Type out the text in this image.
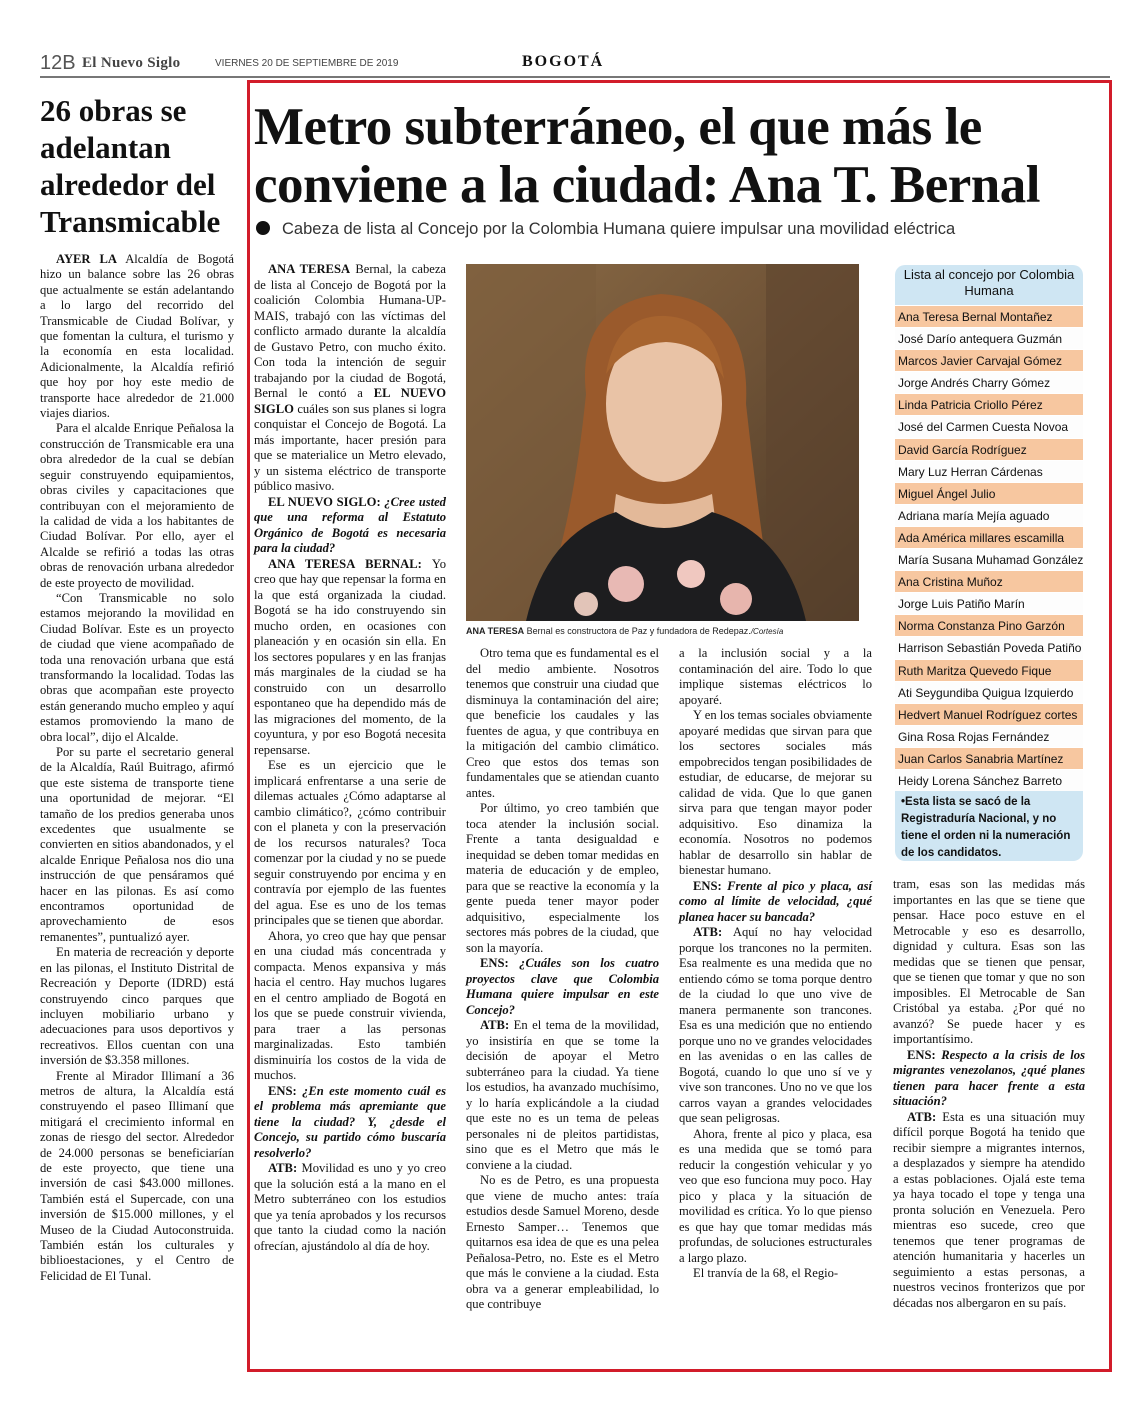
12B El Nuevo Siglo	VIERNES 20 DE SEPTIEMBRE DE 2019	BOGOTÁ
26 obras se adelantan alrededor del Transmicable

AYER LA Alcaldía de Bogotá hizo un balance sobre las 26 obras que actualmente se están adelantando a lo largo del recorrido del Transmicable de Ciudad Bolívar, y que fomentan la cultura, el turismo y la economía en esta localidad. Adicionalmente, la Alcaldía refirió que hoy por hoy este medio de transporte hace alrededor de 21.000 viajes diarios.

Para el alcalde Enrique Peñalosa la construcción de Transmicable era una obra alrededor de la cual se debían seguir construyendo equipamientos, obras civiles y capacitaciones que contribuyan con el mejoramiento de la calidad de vida a los habitantes de Ciudad Bolívar. Por ello, ayer el Alcalde se refirió a todas las otras obras de renovación urbana alrededor de este proyecto de movilidad.

“Con Transmicable no solo estamos mejorando la movilidad en Ciudad Bolívar. Este es un proyecto de ciudad que viene acompañado de toda una renovación urbana que está transformando la localidad. Todas las obras que acompañan este proyecto están generando mucho empleo y aquí estamos promoviendo la mano de obra local”, dijo el Alcalde.

Por su parte el secretario general de la Alcaldía, Raúl Buitrago, afirmó que este sistema de transporte tiene una oportunidad de mejorar. “El tamaño de los predios generaba unos excedentes que usualmente se convierten en sitios abandonados, y el alcalde Enrique Peñalosa nos dio una instrucción de que pensáramos qué hacer en las pilonas. Es así como encontramos oportunidad de aprovechamiento de esos remanentes”, puntualizó ayer.

En materia de recreación y deporte en las pilonas, el Instituto Distrital de Recreación y Deporte (IDRD) está construyendo cinco parques que incluyen mobiliario urbano y adecuaciones para usos deportivos y recreativos. Ellos cuentan con una inversión de $3.358 millones.

Frente al Mirador Illimaní a 36 metros de altura, la Alcaldía está construyendo el paseo Illimaní que mitigará el crecimiento informal en zonas de riesgo del sector. Alrededor de 24.000 personas se beneficiarían de este proyecto, que tiene una inversión de casi $43.000 millones. También está el Supercade, con una inversión de $15.000 millones, y el Museo de la Ciudad Autoconstruida. También están los culturales y biblioestaciones, y el Centro de Felicidad de El Tunal.

Metro subterráneo, el que más le conviene a la ciudad: Ana T. Bernal
Cabeza de lista al Concejo por la Colombia Humana quiere impulsar una movilidad eléctrica

ANA TERESA Bernal, la cabeza de lista al Concejo de Bogotá por la coalición Colombia Humana-UP-MAIS, trabajó con las víctimas del conflicto armado durante la alcaldía de Gustavo Petro, con mucho éxito. Con toda la intención de seguir trabajando por la ciudad de Bogotá, Bernal le contó a EL NUEVO SIGLO cuáles son sus planes si logra conquistar el Concejo de Bogotá. La más importante, hacer presión para que se materialice un Metro elevado, y un sistema eléctrico de transporte público masivo.

EL NUEVO SIGLO: ¿Cree usted que una reforma al Estatuto Orgánico de Bogotá es necesaria para la ciudad?

ANA TERESA BERNAL: Yo creo que hay que repensar la forma en la que está organizada la ciudad. Bogotá se ha ido construyendo sin mucho orden, en ocasiones con planeación y en ocasión sin ella. En los sectores populares y en las franjas más marginales de la ciudad se ha construido con un desarrollo espontaneo que ha dependido más de las migraciones del momento, de la coyuntura, y por eso Bogotá necesita repensarse.

Ese es un ejercicio que le implicará enfrentarse a una serie de dilemas actuales ¿Cómo adaptarse al cambio climático?, ¿cómo contribuir con el planeta y con la preservación de los recursos naturales? Toca comenzar por la ciudad y no se puede seguir construyendo por encima y en contravía por ejemplo de las fuentes del agua. Ese es uno de los temas principales que se tienen que abordar.

Ahora, yo creo que hay que pensar en una ciudad más concentrada y compacta. Menos expansiva y más hacia el centro. Hay muchos lugares en el centro ampliado de Bogotá en los que se puede construir vivienda, para traer a las personas marginalizadas. Esto también disminuiría los costos de la vida de muchos.

ENS: ¿En este momento cuál es el problema más apremiante que tiene la ciudad? Y, ¿desde el Concejo, su partido cómo buscaría resolverlo?

ATB: Movilidad es uno y yo creo que la solución está a la mano en el Metro subterráneo con los estudios que ya tenía aprobados y los recursos que tanto la ciudad como la nación ofrecían, ajustándolo al día de hoy.

ANA TERESA Bernal es constructora de Paz y fundadora de Redepaz./Cortesía

Otro tema que es fundamental es el del medio ambiente. Nosotros tenemos que construir una ciudad que disminuya la contaminación del aire; que beneficie los caudales y las fuentes de agua, y que contribuya en la mitigación del cambio climático. Creo que estos dos temas son fundamentales que se atiendan cuanto antes.

Por último, yo creo también que toca atender la inclusión social. Frente a tanta desigualdad e inequidad se deben tomar medidas en materia de educación y de empleo, para que se reactive la economía y la gente pueda tener mayor poder adquisitivo, especialmente los sectores más pobres de la ciudad, que son la mayoría.

ENS: ¿Cuáles son los cuatro proyectos clave que Colombia Humana quiere impulsar en este Concejo?

ATB: En el tema de la movilidad, yo insistiría en que se tome la decisión de apoyar el Metro subterráneo para la ciudad. Ya tiene los estudios, ha avanzado muchísimo, y lo haría explicándole a la ciudad que este no es un tema de peleas personales ni de pleitos partidistas, sino que es el Metro que más le conviene a la ciudad.

No es de Petro, es una propuesta que viene de mucho antes: traía estudios desde Samuel Moreno, desde Ernesto Samper… Tenemos que quitarnos esa idea de que es una pelea Peñalosa-Petro, no. Este es el Metro que más le conviene a la ciudad. Esta obra va a generar empleabilidad, lo que contribuye

a la inclusión social y a la contaminación del aire. Todo lo que implique sistemas eléctricos lo apoyaré.

Y en los temas sociales obviamente apoyaré medidas que sirvan para que los sectores sociales más empobrecidos tengan posibilidades de estudiar, de educarse, de mejorar su calidad de vida. Que lo que ganen sirva para que tengan mayor poder adquisitivo. Eso dinamiza la economía. Nosotros no podemos hablar de desarrollo sin hablar de bienestar humano.

ENS: Frente al pico y placa, así como al límite de velocidad, ¿qué planea hacer su bancada?

ATB: Aquí no hay velocidad porque los trancones no la permiten. Esa realmente es una medida que no entiendo cómo se toma porque dentro de la ciudad lo que uno vive de manera permanente son trancones. Esa es una medición que no entiendo porque uno no ve grandes velocidades en las avenidas o en las calles de Bogotá, cuando lo que uno sí ve y vive son trancones. Uno no ve que los carros vayan a grandes velocidades que sean peligrosas.

Ahora, frente al pico y placa, esa es una medida que se tomó para reducir la congestión vehicular y yo veo que eso funciona muy poco. Hay pico y placa y la situación de movilidad es crítica. Yo lo que pienso es que hay que tomar medidas más profundas, de soluciones estructurales a largo plazo.

El tranvía de la 68, el Regio-

Lista al concejo por Colombia Humana
Ana Teresa Bernal Montañez
José Darío antequera Guzmán
Marcos Javier Carvajal Gómez
Jorge Andrés Charry Gómez
Linda Patricia Criollo Pérez
José del Carmen Cuesta Novoa
David García Rodríguez
Mary Luz Herran Cárdenas
Miguel Ángel Julio
Adriana maría Mejía aguado
Ada América millares escamilla
María Susana Muhamad González
Ana Cristina Muñoz
Jorge Luis Patiño Marín
Norma Constanza Pino Garzón
Harrison Sebastián Poveda Patiño
Ruth Maritza Quevedo Fique
Ati Seygundiba Quigua Izquierdo
Hedvert Manuel Rodríguez cortes
Gina Rosa Rojas Fernández
Juan Carlos Sanabria Martínez
Heidy Lorena Sánchez Barreto
•Esta lista se sacó de la Registraduría Nacional, y no tiene el orden ni la numeración de los candidatos.

tram, esas son las medidas más importantes en las que se tiene que pensar. Hace poco estuve en el Metrocable y eso es desarrollo, dignidad y cultura. Esas son las medidas que se tienen que pensar, que se tienen que tomar y que no son imposibles. El Metrocable de San Cristóbal ya estaba. ¿Por qué no avanzó? Se puede hacer y es importantísimo.

ENS: Respecto a la crisis de los migrantes venezolanos, ¿qué planes tienen para hacer frente a esta situación?

ATB: Esta es una situación muy difícil porque Bogotá ha tenido que recibir siempre a migrantes internos, a desplazados y siempre ha atendido a estas poblaciones. Ojalá este tema ya haya tocado el tope y tenga una pronta solución en Venezuela. Pero mientras eso sucede, creo que tenemos que tener programas de atención humanitaria y hacerles un seguimiento a estas personas, a nuestros vecinos fronterizos que por décadas nos albergaron en su país.
